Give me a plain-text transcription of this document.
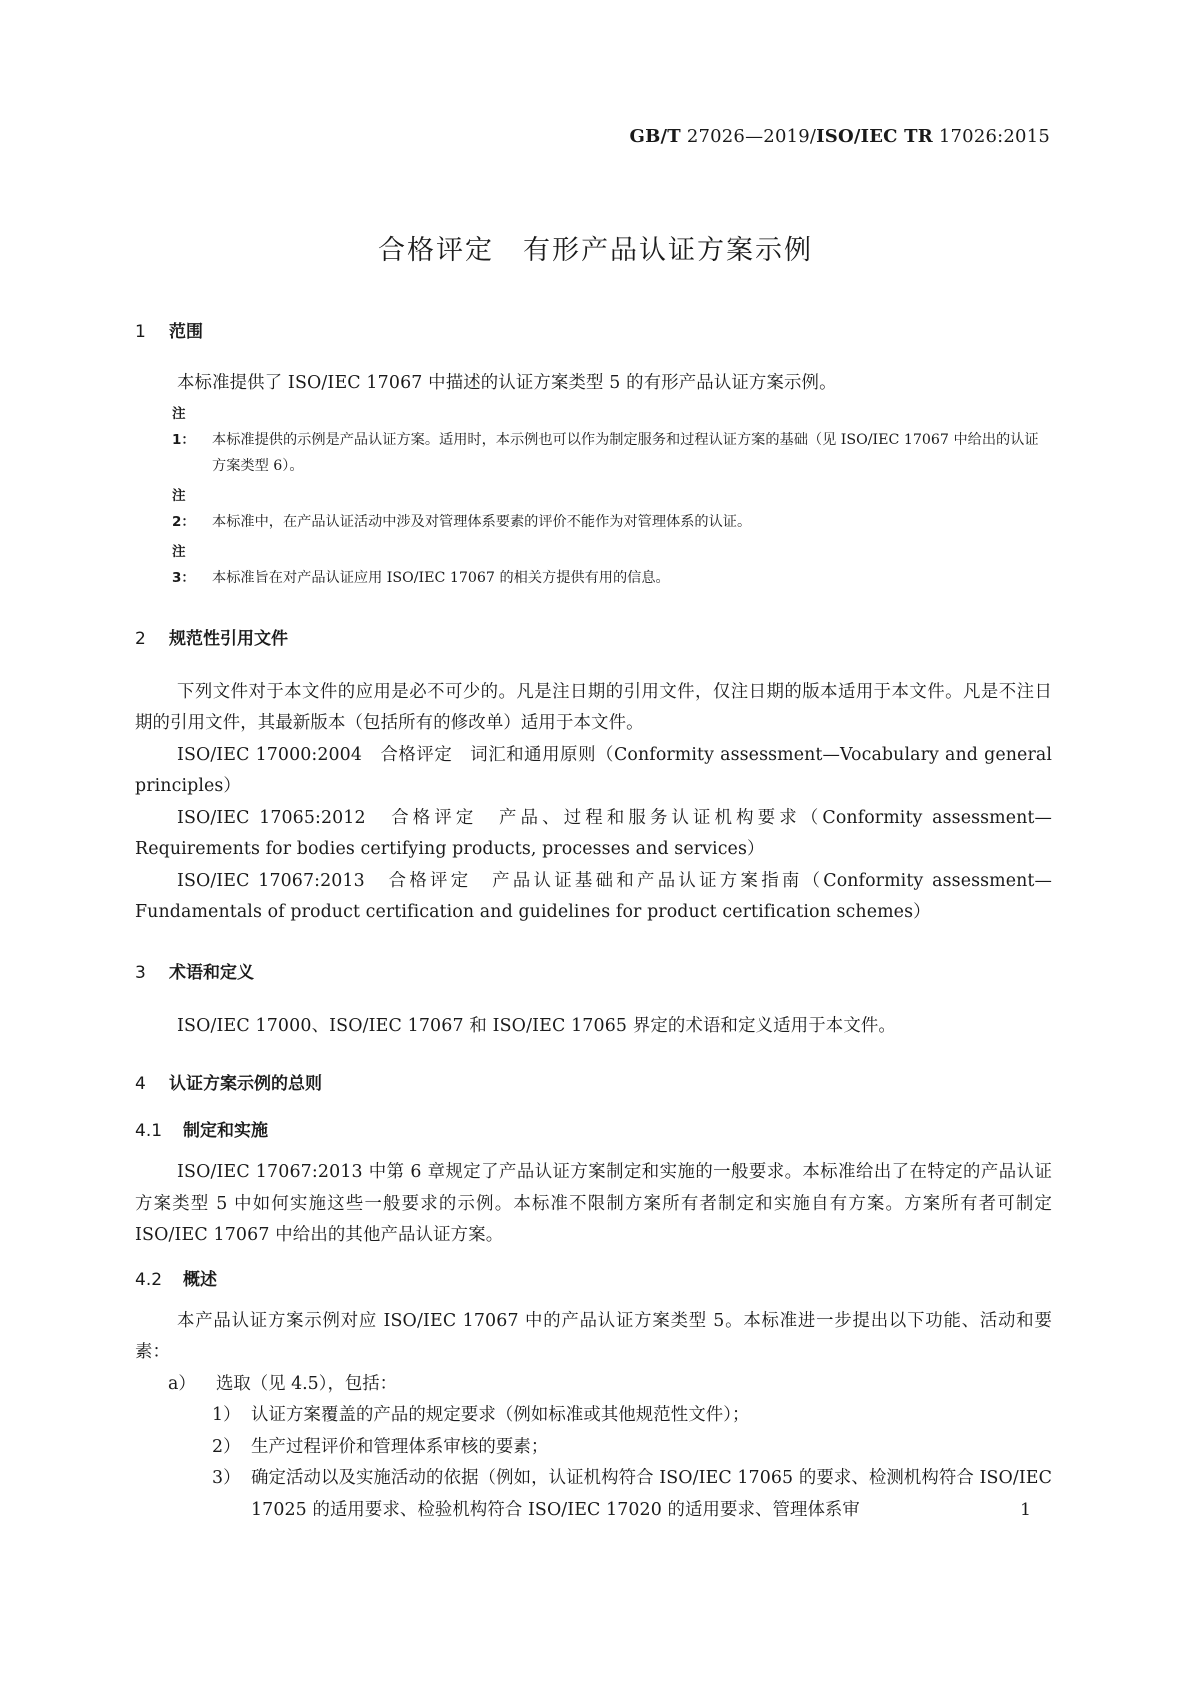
GB/T 27026—2019/ISO/IEC TR 17026:2015
合格评定　有形产品认证方案示例
1 范围

本标准提供了 ISO/IEC 17067 中描述的认证方案类型 5 的有形产品认证方案示例。

注 1： 本标准提供的示例是产品认证方案。适用时，本示例也可以作为制定服务和过程认证方案的基础（见 ISO/IEC 17067 中给出的认证方案类型 6）。
注 2： 本标准中，在产品认证活动中涉及对管理体系要素的评价不能作为对管理体系的认证。
注 3： 本标准旨在对产品认证应用 ISO/IEC 17067 的相关方提供有用的信息。
2 规范性引用文件

下列文件对于本文件的应用是必不可少的。凡是注日期的引用文件，仅注日期的版本适用于本文件。凡是不注日期的引用文件，其最新版本（包括所有的修改单）适用于本文件。

ISO/IEC 17000:2004　合格评定　词汇和通用原则（Conformity assessment—Vocabulary and general principles）

ISO/IEC 17065:2012　合格评定　产品、过程和服务认证机构要求（Conformity assessment—Requirements for bodies certifying products, processes and services）

ISO/IEC 17067:2013　合格评定　产品认证基础和产品认证方案指南（Conformity assessment—Fundamentals of product certification and guidelines for product certification schemes）

3 术语和定义

ISO/IEC 17000、ISO/IEC 17067 和 ISO/IEC 17065 界定的术语和定义适用于本文件。

4 认证方案示例的总则
4.1 制定和实施

ISO/IEC 17067:2013 中第 6 章规定了产品认证方案制定和实施的一般要求。本标准给出了在特定的产品认证方案类型 5 中如何实施这些一般要求的示例。本标准不限制方案所有者制定和实施自有方案。方案所有者可制定 ISO/IEC 17067 中给出的其他产品认证方案。

4.2 概述

本产品认证方案示例对应 ISO/IEC 17067 中的产品认证方案类型 5。本标准进一步提出以下功能、活动和要素：

a） 选取（见 4.5），包括：
1） 认证方案覆盖的产品的规定要求（例如标准或其他规范性文件）；
2） 生产过程评价和管理体系审核的要素；
3） 确定活动以及实施活动的依据（例如，认证机构符合 ISO/IEC 17065 的要求、检测机构符合 ISO/IEC 17025 的适用要求、检验机构符合 ISO/IEC 17020 的适用要求、管理体系审	1
